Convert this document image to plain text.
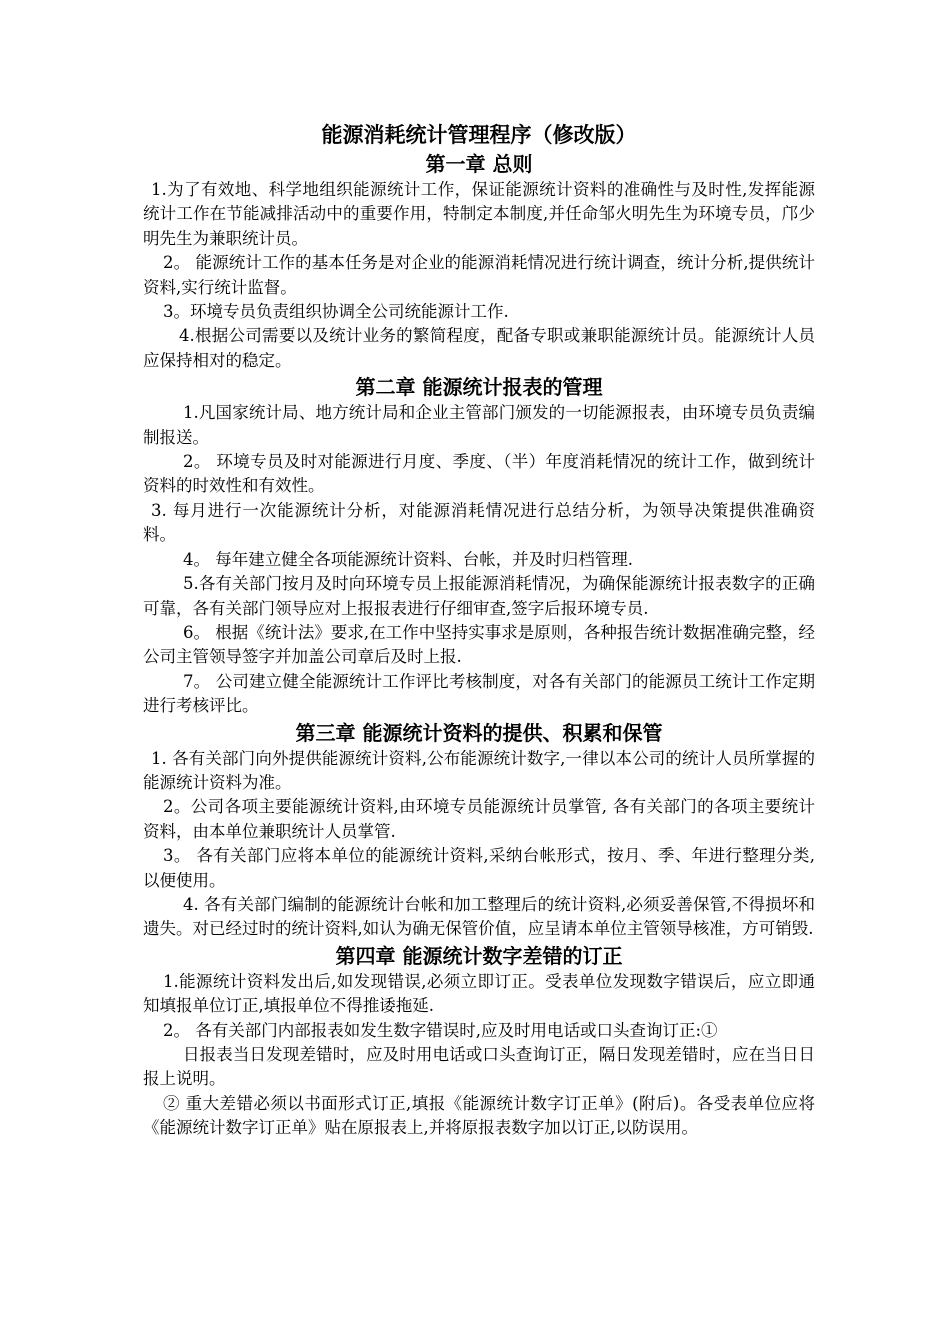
能源消耗统计管理程序（修改版）
第一章 总则

1.为了有效地、科学地组织能源统计工作，保证能源统计资料的准确性与及时性,发挥能源统计工作在节能减排活动中的重要作用，特制定本制度,并任命邹火明先生为环境专员，邝少明先生为兼职统计员。

2。 能源统计工作的基本任务是对企业的能源消耗情况进行统计调查，统计分析,提供统计资料,实行统计监督。

3。环境专员负责组织协调全公司统能源计工作.

4.根据公司需要以及统计业务的繁简程度，配备专职或兼职能源统计员。能源统计人员应保持相对的稳定。

第二章 能源统计报表的管理

1.凡国家统计局、地方统计局和企业主管部门颁发的一切能源报表，由环境专员负责编制报送。

2。 环境专员及时对能源进行月度、季度、（半）年度消耗情况的统计工作，做到统计资料的时效性和有效性。

3. 每月进行一次能源统计分析，对能源消耗情况进行总结分析，为领导决策提供准确资料。

4。 每年建立健全各项能源统计资料、台帐，并及时归档管理.

5.各有关部门按月及时向环境专员上报能源消耗情况，为确保能源统计报表数字的正确可靠，各有关部门领导应对上报报表进行仔细审查,签字后报环境专员.

6。 根据《统计法》要求,在工作中坚持实事求是原则，各种报告统计数据准确完整，经公司主管领导签字并加盖公司章后及时上报.

7。 公司建立健全能源统计工作评比考核制度，对各有关部门的能源员工统计工作定期进行考核评比。

第三章 能源统计资料的提供、积累和保管

1. 各有关部门向外提供能源统计资料,公布能源统计数字,一律以本公司的统计人员所掌握的能源统计资料为准。

2。公司各项主要能源统计资料,由环境专员能源统计员掌管, 各有关部门的各项主要统计资料，由本单位兼职统计人员掌管.

3。 各有关部门应将本单位的能源统计资料,采纳台帐形式，按月、季、年进行整理分类,以便使用。

4. 各有关部门编制的能源统计台帐和加工整理后的统计资料,必须妥善保管,不得损坏和遗失。对已经过时的统计资料,如认为确无保管价值，应呈请本单位主管领导核准，方可销毁.

第四章 能源统计数字差错的订正

1.能源统计资料发出后,如发现错误,必须立即订正。受表单位发现数字错误后，应立即通知填报单位订正,填报单位不得推诿拖延.

2。 各有关部门内部报表如发生数字错误时,应及时用电话或口头查询订正:①

日报表当日发现差错时，应及时用电话或口头查询订正，隔日发现差错时，应在当日日报上说明。

② 重大差错必须以书面形式订正,填报《能源统计数字订正单》(附后)。各受表单位应将《能源统计数字订正单》贴在原报表上,并将原报表数字加以订正,以防误用。
